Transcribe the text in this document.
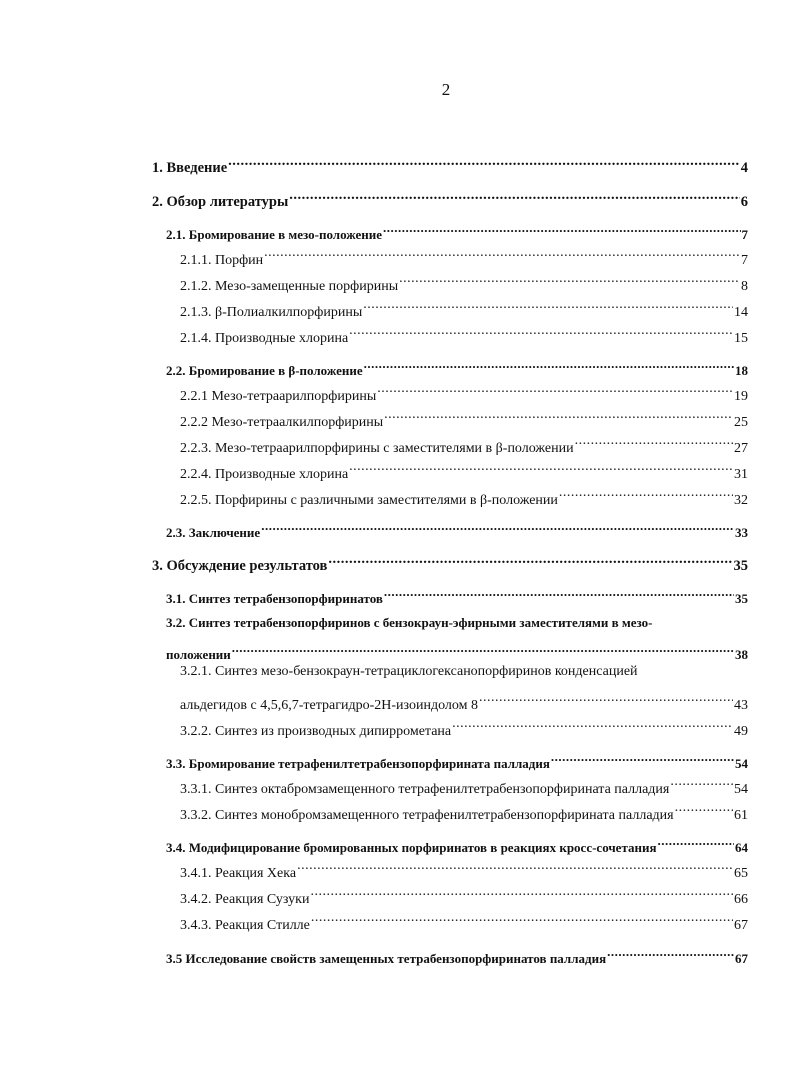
2
1. Введение .....	4
2. Обзор литературы .....	6
2.1. Бромирование в мезо-положение .....	7
2.1.1. Порфин .....	7
2.1.2. Мезо-замещенные порфирины .....	8
2.1.3. β-Полиалкилпорфирины .....	14
2.1.4. Производные хлорина .....	15
2.2. Бромирование в β-положение .....	18
2.2.1 Мезо-тетраарилпорфирины .....	19
2.2.2 Мезо-тетраалкилпорфирины .....	25
2.2.3. Мезо-тетраарилпорфирины с заместителями в β-положении .....	27
2.2.4. Производные хлорина .....	31
2.2.5. Порфирины с различными заместителями в β-положении .....	32
2.3. Заключение .....	33
3. Обсуждение результатов .....	35
3.1. Синтез тетрабензопорфиринатов .....	35
3.2. Синтез тетрабензопорфиринов с бензокраун-эфирными заместителями в мезо-
положении .....	38
3.2.1. Синтез мезо-бензокраун-тетрациклогексанопорфиринов конденсацией
альдегидов с 4,5,6,7-тетрагидро-2Н-изоиндолом 8 .....	43
3.2.2. Синтез из производных дипиррометана .....	49
3.3. Бромирование тетрафенилтетрабензопорфирината палладия .....	54
3.3.1. Синтез октабромзамещенного тетрафенилтетрабензопорфирината палладия .....	54
3.3.2. Синтез монобромзамещенного тетрафенилтетрабензопорфирината палладия .....	61
3.4. Модифицирование бромированных порфиринатов в реакциях кросс-сочетания .....	64
3.4.1. Реакция Хека .....	65
3.4.2. Реакция Сузуки .....	66
3.4.3. Реакция Стилле .....	67
3.5 Исследование свойств замещенных тетрабензопорфиринатов палладия .....	67
